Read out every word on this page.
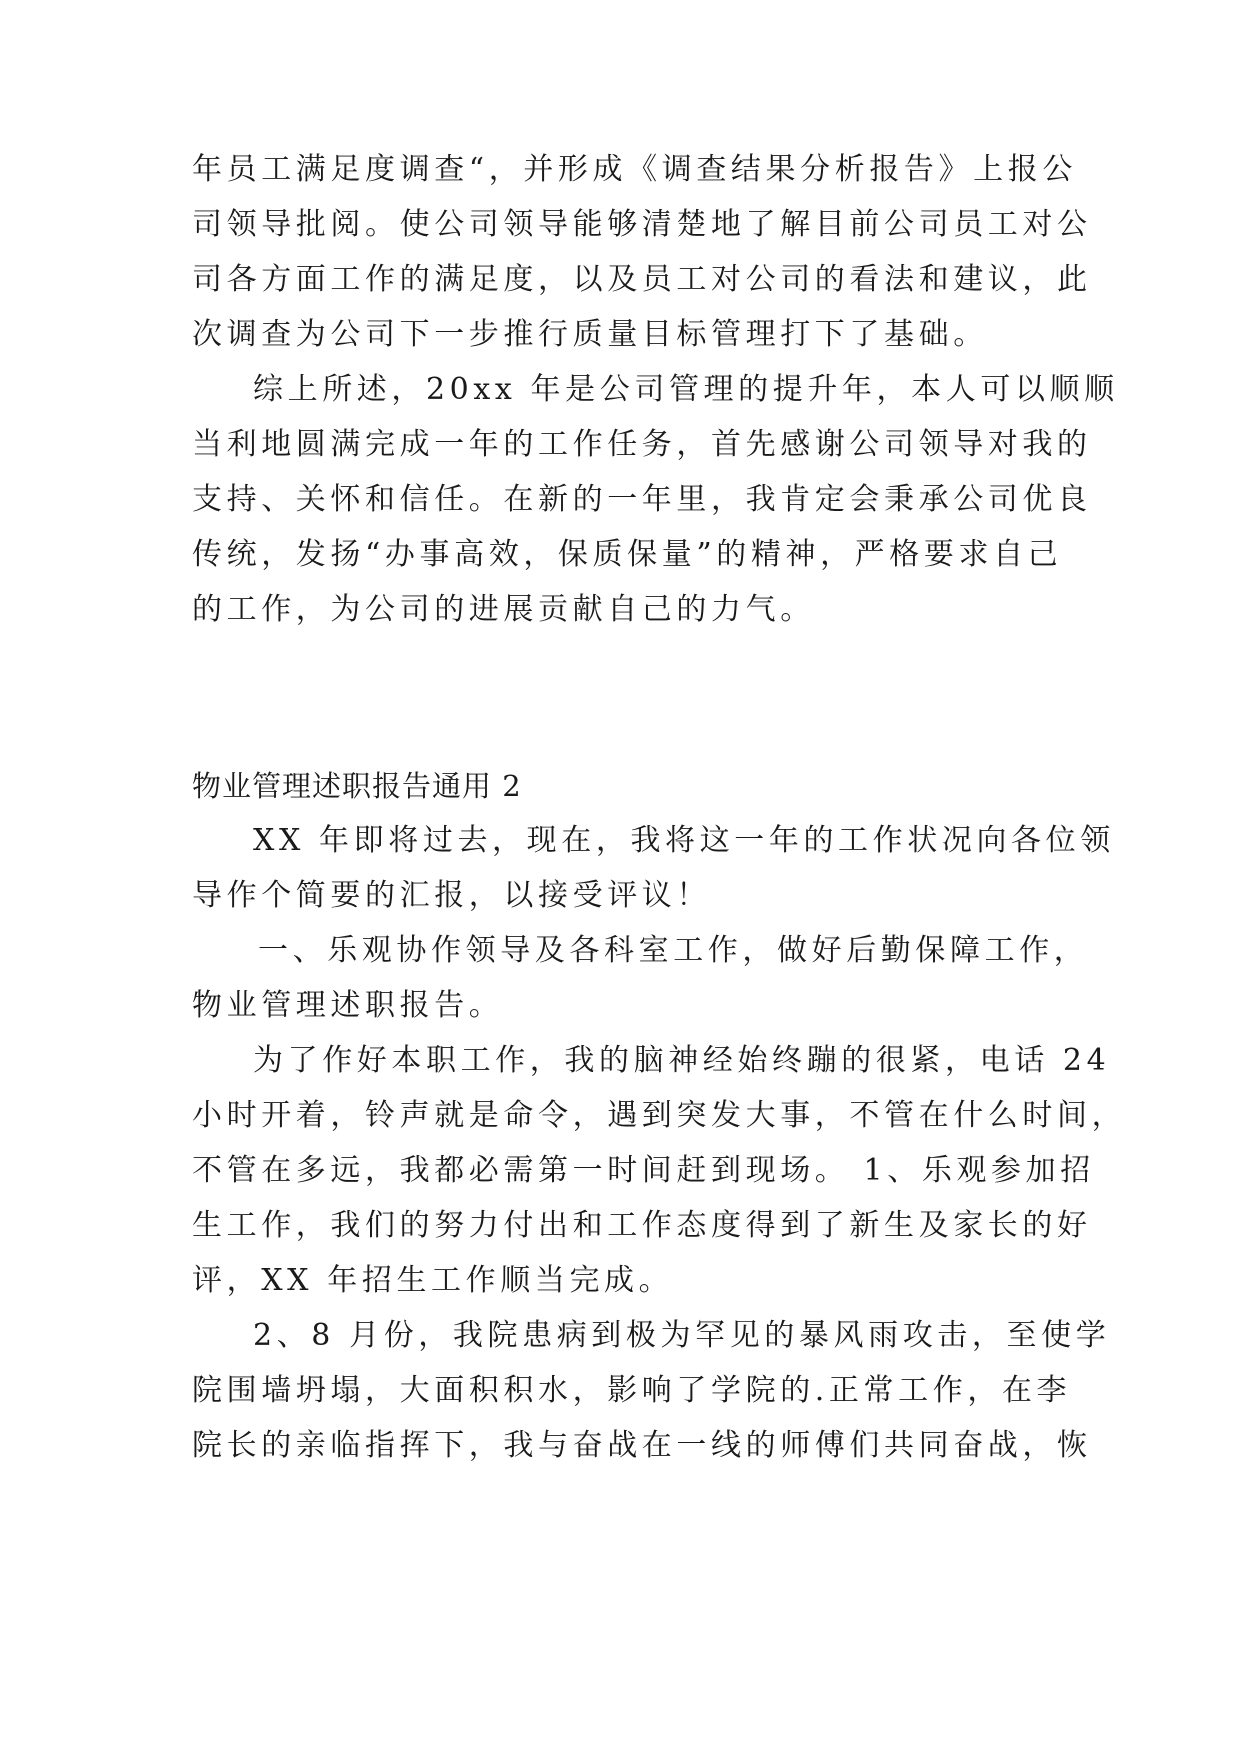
年员工满足度调查“，并形成《调查结果分析报告》上报公
司领导批阅。使公司领导能够清楚地了解目前公司员工对公
司各方面工作的满足度，以及员工对公司的看法和建议，此
次调查为公司下一步推行质量目标管理打下了基础。
综上所述，20xx 年是公司管理的提升年，本人可以顺顺
当利地圆满完成一年的工作任务，首先感谢公司领导对我的
支持、关怀和信任。在新的一年里，我肯定会秉承公司优良
传统，发扬“办事高效，保质保量”的精神，严格要求自己
的工作，为公司的进展贡献自己的力气。
物业管理述职报告通用 2
XX 年即将过去，现在，我将这一年的工作状况向各位领
导作个简要的汇报，以接受评议！
一、乐观协作领导及各科室工作，做好后勤保障工作，
物业管理述职报告。
为了作好本职工作，我的脑神经始终蹦的很紧，电话 24
小时开着，铃声就是命令，遇到突发大事，不管在什么时间，
不管在多远，我都必需第一时间赶到现场。 1、乐观参加招
生工作，我们的努力付出和工作态度得到了新生及家长的好
评，XX 年招生工作顺当完成。
2、8 月份，我院患病到极为罕见的暴风雨攻击，至使学
院围墙坍塌，大面积积水，影响了学院的.正常工作，在李
院长的亲临指挥下，我与奋战在一线的师傅们共同奋战，恢
